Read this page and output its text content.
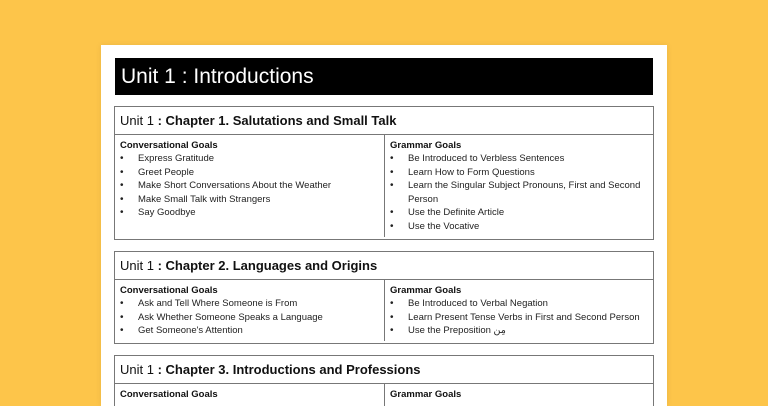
Unit 1 : Introductions
Unit 1 : Chapter 1. Salutations and Small Talk
Conversational Goals
• Express Gratitude
• Greet People
• Make Short Conversations About the Weather
• Make Small Talk with Strangers
• Say Goodbye
Grammar Goals
• Be Introduced to Verbless Sentences
• Learn How to Form Questions
• Learn the Singular Subject Pronouns, First and Second Person
• Use the Definite Article
• Use the Vocative
Unit 1 : Chapter 2. Languages and Origins
Conversational Goals
• Ask and Tell Where Someone is From
• Ask Whether Someone Speaks a Language
• Get Someone's Attention
Grammar Goals
• Be Introduced to Verbal Negation
• Learn Present Tense Verbs in First and Second Person
• Use the Preposition مِن
Unit 1 : Chapter 3. Introductions and Professions
Conversational Goals	Grammar Goals
